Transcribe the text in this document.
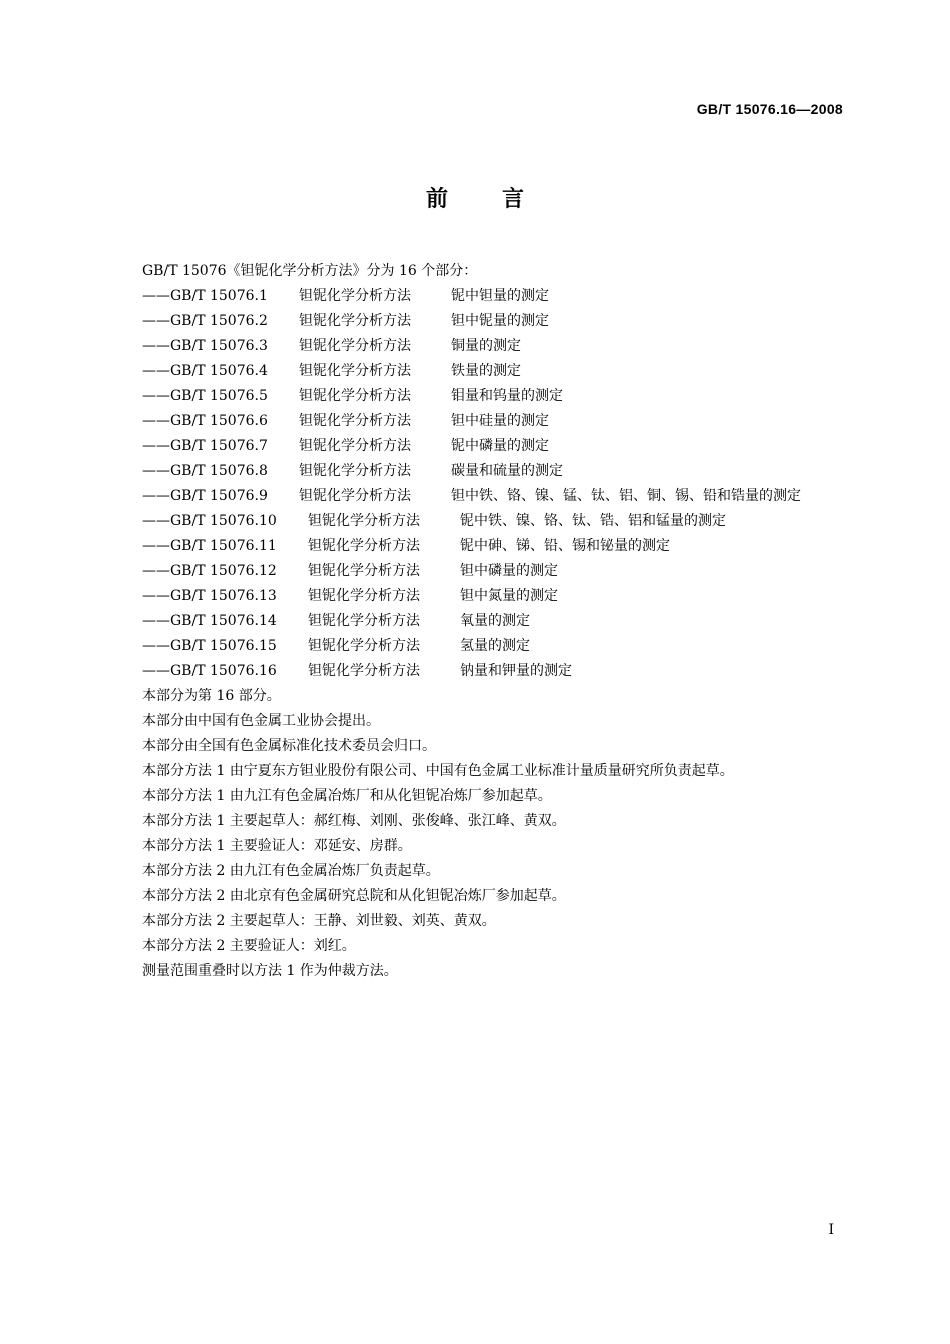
GB/T 15076.16—2008
前言
GB/T 15076《钽铌化学分析方法》分为 16 个部分：
——GB/T 15076.1	钽铌化学分析方法	铌中钽量的测定
——GB/T 15076.2	钽铌化学分析方法	钽中铌量的测定
——GB/T 15076.3	钽铌化学分析方法	铜量的测定
——GB/T 15076.4	钽铌化学分析方法	铁量的测定
——GB/T 15076.5	钽铌化学分析方法	钼量和钨量的测定
——GB/T 15076.6	钽铌化学分析方法	钽中硅量的测定
——GB/T 15076.7	钽铌化学分析方法	铌中磷量的测定
——GB/T 15076.8	钽铌化学分析方法	碳量和硫量的测定
——GB/T 15076.9	钽铌化学分析方法	钽中铁、铬、镍、锰、钛、铝、铜、锡、铅和锆量的测定
——GB/T 15076.10	钽铌化学分析方法	铌中铁、镍、铬、钛、锆、铝和锰量的测定
——GB/T 15076.11	钽铌化学分析方法	铌中砷、锑、铅、锡和铋量的测定
——GB/T 15076.12	钽铌化学分析方法	钽中磷量的测定
——GB/T 15076.13	钽铌化学分析方法	钽中氮量的测定
——GB/T 15076.14	钽铌化学分析方法	氧量的测定
——GB/T 15076.15	钽铌化学分析方法	氢量的测定
——GB/T 15076.16	钽铌化学分析方法	钠量和钾量的测定
本部分为第 16 部分。
本部分由中国有色金属工业协会提出。
本部分由全国有色金属标准化技术委员会归口。
本部分方法 1 由宁夏东方钽业股份有限公司、中国有色金属工业标准计量质量研究所负责起草。
本部分方法 1 由九江有色金属冶炼厂和从化钽铌冶炼厂参加起草。
本部分方法 1 主要起草人：郝红梅、刘刚、张俊峰、张江峰、黄双。
本部分方法 1 主要验证人：邓延安、房群。
本部分方法 2 由九江有色金属冶炼厂负责起草。
本部分方法 2 由北京有色金属研究总院和从化钽铌冶炼厂参加起草。
本部分方法 2 主要起草人：王静、刘世毅、刘英、黄双。
本部分方法 2 主要验证人：刘红。
测量范围重叠时以方法 1 作为仲裁方法。
I
